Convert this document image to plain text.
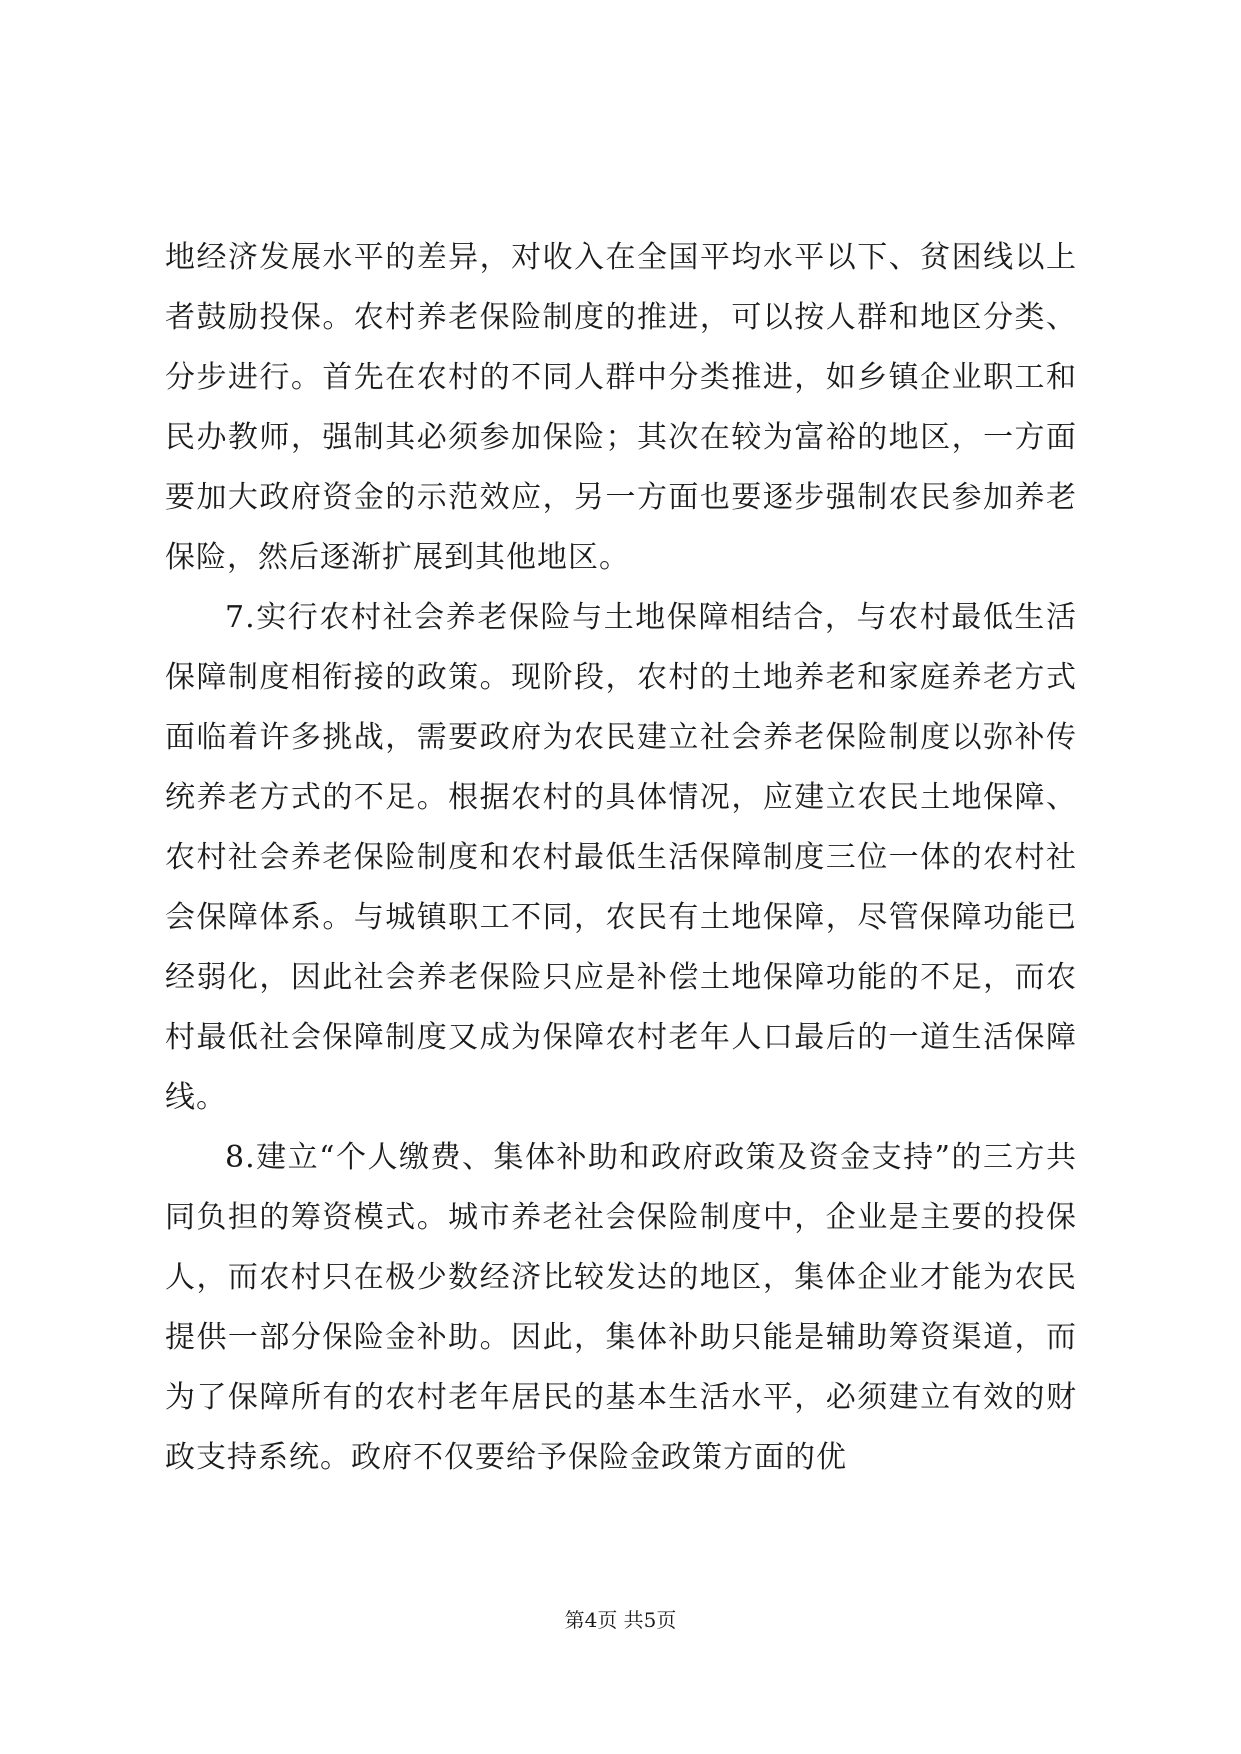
地经济发展水平的差异，对收入在全国平均水平以下、贫困线以上者鼓励投保。农村养老保险制度的推进，可以按人群和地区分类、分步进行。首先在农村的不同人群中分类推进，如乡镇企业职工和民办教师，强制其必须参加保险；其次在较为富裕的地区，一方面要加大政府资金的示范效应，另一方面也要逐步强制农民参加养老保险，然后逐渐扩展到其他地区。

7.实行农村社会养老保险与土地保障相结合，与农村最低生活保障制度相衔接的政策。现阶段，农村的土地养老和家庭养老方式面临着许多挑战，需要政府为农民建立社会养老保险制度以弥补传统养老方式的不足。根据农村的具体情况，应建立农民土地保障、农村社会养老保险制度和农村最低生活保障制度三位一体的农村社会保障体系。与城镇职工不同，农民有土地保障，尽管保障功能已经弱化，因此社会养老保险只应是补偿土地保障功能的不足，而农村最低社会保障制度又成为保障农村老年人口最后的一道生活保障线。

8.建立“个人缴费、集体补助和政府政策及资金支持”的三方共同负担的筹资模式。城市养老社会保险制度中，企业是主要的投保人，而农村只在极少数经济比较发达的地区，集体企业才能为农民提供一部分保险金补助。因此，集体补助只能是辅助筹资渠道，而为了保障所有的农村老年居民的基本生活水平，必须建立有效的财政支持系统。政府不仅要给予保险金政策方面的优

第4页 共5页
